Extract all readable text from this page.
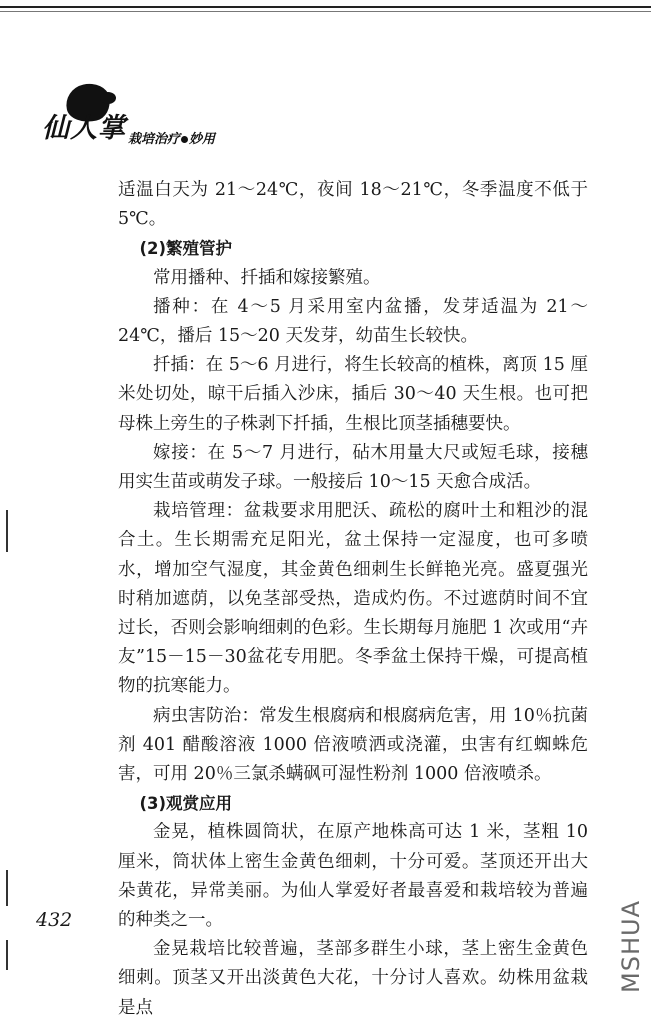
仙人掌 栽培治疗 妙用

适温白天为 21～24℃，夜间 18～21℃，冬季温度不低于 5℃。

(2)繁殖管护

常用播种、扦插和嫁接繁殖。

播种：在 4～5 月采用室内盆播，发芽适温为 21～24℃，播后 15～20 天发芽，幼苗生长较快。

扦插：在 5～6 月进行，将生长较高的植株，离顶 15 厘米处切处，晾干后插入沙床，插后 30～40 天生根。也可把母株上旁生的子株剥下扦插，生根比顶茎插穗要快。

嫁接：在 5～7 月进行，砧木用量大尺或短毛球，接穗用实生苗或萌发子球。一般接后 10～15 天愈合成活。

栽培管理：盆栽要求用肥沃、疏松的腐叶土和粗沙的混合土。生长期需充足阳光，盆土保持一定湿度，也可多喷水，增加空气湿度，其金黄色细刺生长鲜艳光亮。盛夏强光时稍加遮荫，以免茎部受热，造成灼伤。不过遮荫时间不宜过长，否则会影响细刺的色彩。生长期每月施肥 1 次或用“卉友”15－15－30盆花专用肥。冬季盆土保持干燥，可提高植物的抗寒能力。

病虫害防治：常发生根腐病和根腐病危害，用 10％抗菌剂 401 醋酸溶液 1000 倍液喷洒或浇灌，虫害有红蜘蛛危害，可用 20％三氯杀螨砜可湿性粉剂 1000 倍液喷杀。

(3)观赏应用

金晃，植株圆筒状，在原产地株高可达 1 米，茎粗 10 厘米，筒状体上密生金黄色细刺，十分可爱。茎顶还开出大朵黄花，异常美丽。为仙人掌爱好者最喜爱和栽培较为普遍的种类之一。

金晃栽培比较普遍，茎部多群生小球，茎上密生金黄色细刺。顶茎又开出淡黄色大花，十分讨人喜欢。幼株用盆栽是点

432	MSHUA
